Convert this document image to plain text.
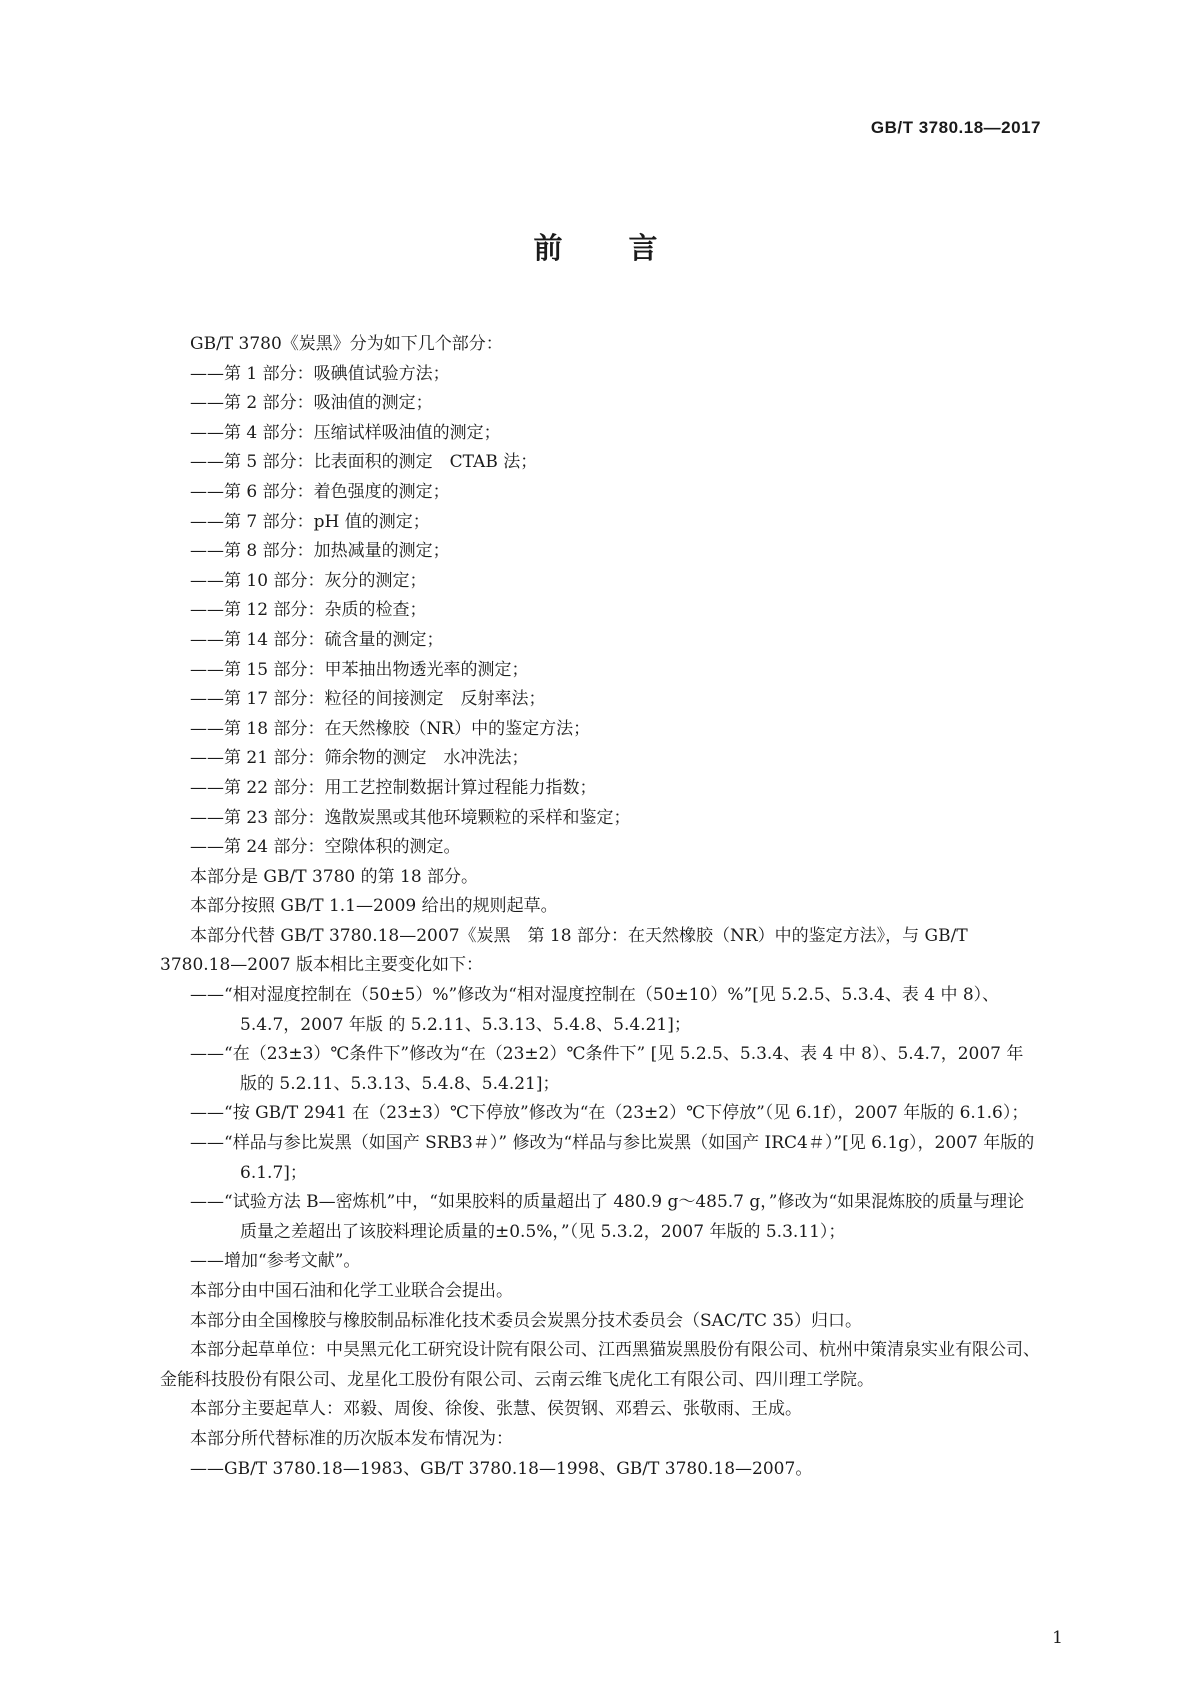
GB/T 3780.18—2017
前 言

GB/T 3780《炭黑》分为如下几个部分：

——第 1 部分：吸碘值试验方法；

——第 2 部分：吸油值的测定；

——第 4 部分：压缩试样吸油值的测定；

——第 5 部分：比表面积的测定　CTAB 法；

——第 6 部分：着色强度的测定；

——第 7 部分：pH 值的测定；

——第 8 部分：加热减量的测定；

——第 10 部分：灰分的测定；

——第 12 部分：杂质的检查；

——第 14 部分：硫含量的测定；

——第 15 部分：甲苯抽出物透光率的测定；

——第 17 部分：粒径的间接测定　反射率法；

——第 18 部分：在天然橡胶（NR）中的鉴定方法；

——第 21 部分：筛余物的测定　水冲洗法；

——第 22 部分：用工艺控制数据计算过程能力指数；

——第 23 部分：逸散炭黑或其他环境颗粒的采样和鉴定；

——第 24 部分：空隙体积的测定。

本部分是 GB/T 3780 的第 18 部分。

本部分按照 GB/T 1.1—2009 给出的规则起草。

本部分代替 GB/T 3780.18—2007《炭黑　第 18 部分：在天然橡胶（NR）中的鉴定方法》，与 GB/T 3780.18—2007 版本相比主要变化如下：

——“相对湿度控制在（50±5）%”修改为“相对湿度控制在（50±10）%”[见 5.2.5、5.3.4、表 4 中 8）、5.4.7，2007 年版 的 5.2.11、5.3.13、5.4.8、5.4.21]；

——“在（23±3）℃条件下”修改为“在（23±2）℃条件下” [见 5.2.5、5.3.4、表 4 中 8）、5.4.7，2007 年版的 5.2.11、5.3.13、5.4.8、5.4.21]；

——“按 GB/T 2941 在（23±3）℃下停放”修改为“在（23±2）℃下停放”（见 6.1f），2007 年版的 6.1.6）；

——“样品与参比炭黑（如国产 SRB3＃）” 修改为“样品与参比炭黑（如国产 IRC4＃）”[见 6.1g），2007 年版的 6.1.7]；

——“试验方法 B—密炼机”中，“如果胶料的质量超出了 480.9 g～485.7 g，”修改为“如果混炼胶的质量与理论质量之差超出了该胶料理论质量的±0.5%，”（见 5.3.2，2007 年版的 5.3.11）；

——增加“参考文献”。

本部分由中国石油和化学工业联合会提出。

本部分由全国橡胶与橡胶制品标准化技术委员会炭黑分技术委员会（SAC/TC 35）归口。

本部分起草单位：中昊黑元化工研究设计院有限公司、江西黑猫炭黑股份有限公司、杭州中策清泉实业有限公司、金能科技股份有限公司、龙星化工股份有限公司、云南云维飞虎化工有限公司、四川理工学院。

本部分主要起草人：邓毅、周俊、徐俊、张慧、侯贺钢、邓碧云、张敬雨、王成。

本部分所代替标准的历次版本发布情况为：

——GB/T 3780.18—1983、GB/T 3780.18—1998、GB/T 3780.18—2007。

1
